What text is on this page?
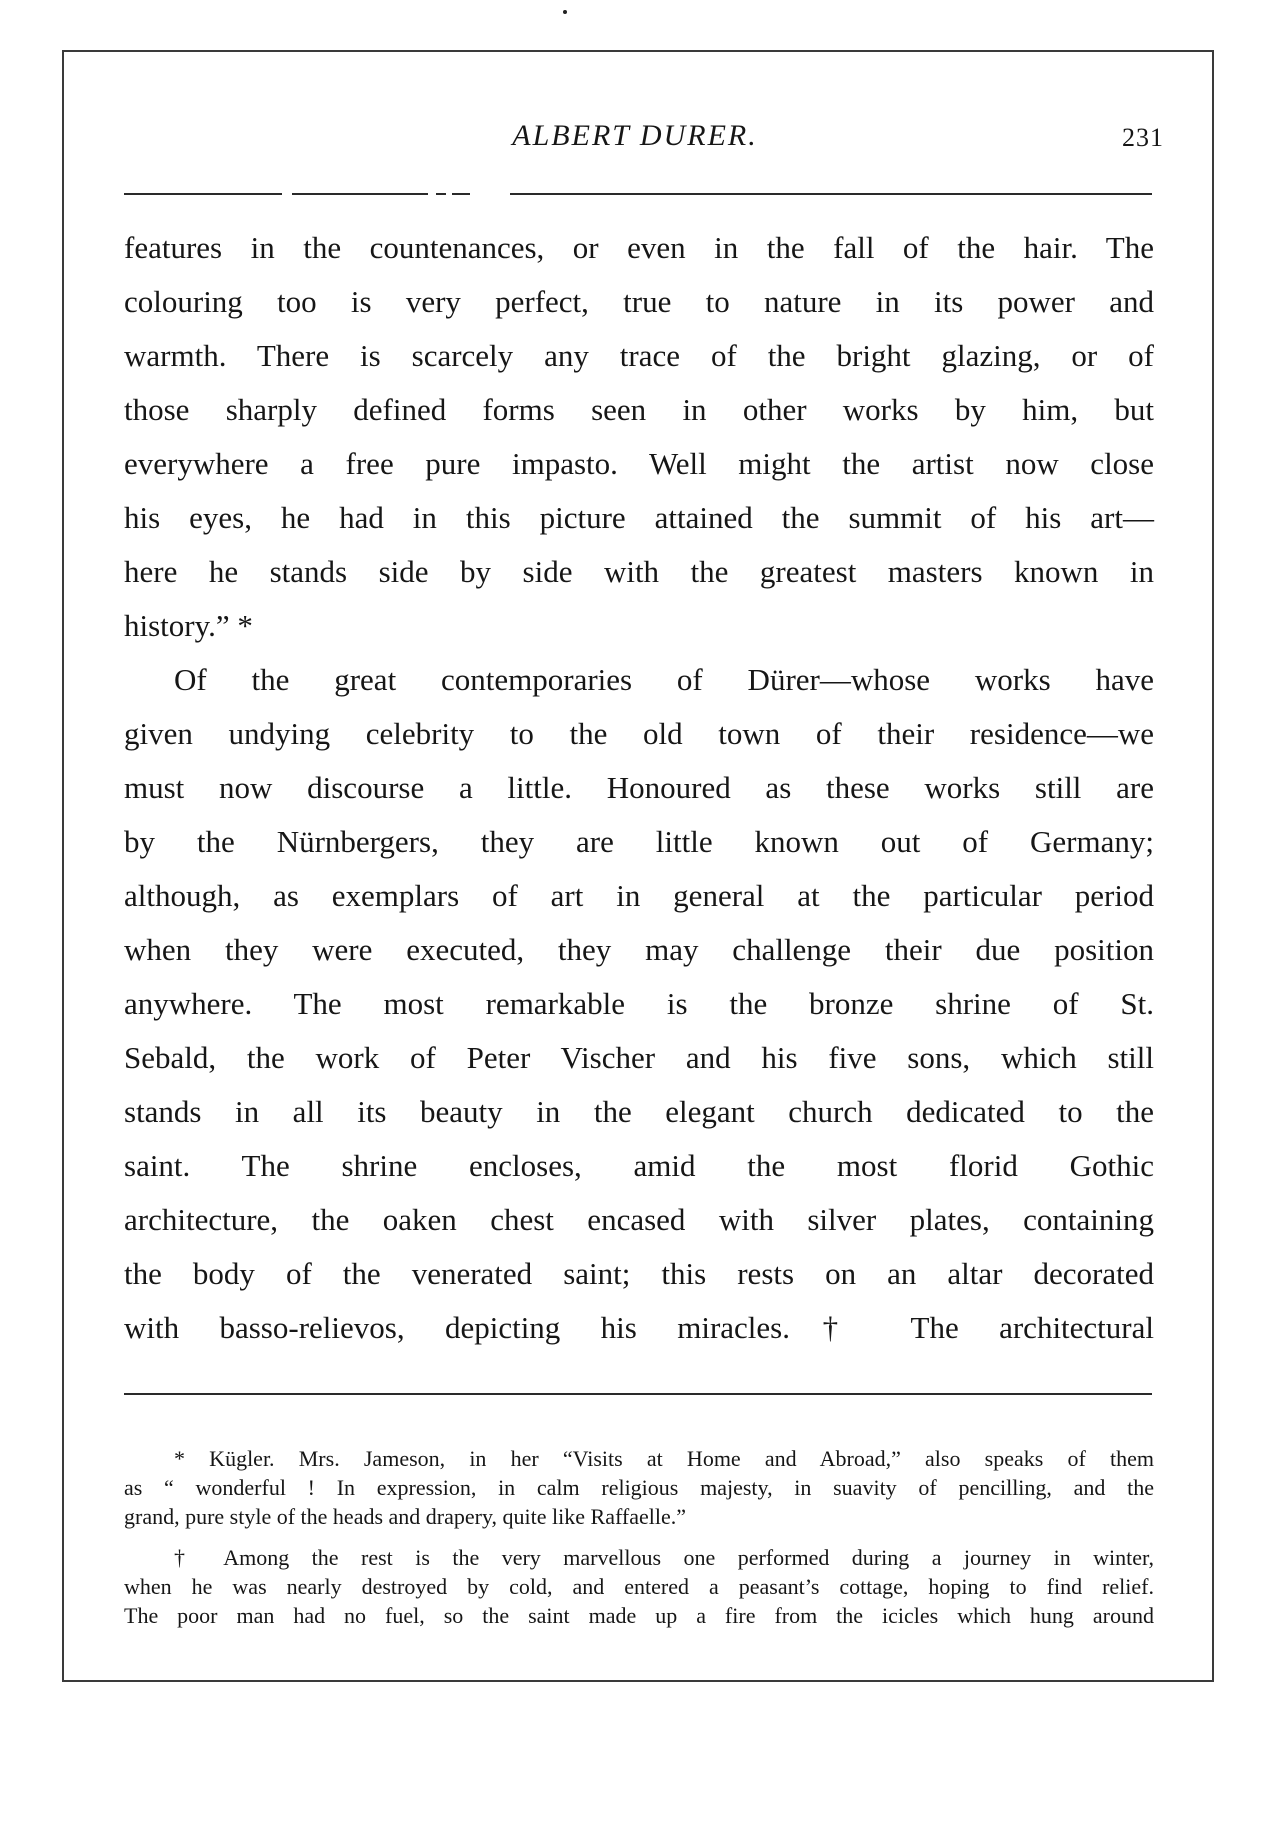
ALBERT DURER.	231
features in the countenances, or even in the fall of the hair. The
colouring too is very perfect, true to nature in its power and
warmth. There is scarcely any trace of the bright glazing, or of
those sharply defined forms seen in other works by him, but
everywhere a free pure impasto. Well might the artist now close
his eyes, he had in this picture attained the summit of his art—
here he stands side by side with the greatest masters known in
history.” *
Of the great contemporaries of Dürer—whose works have
given undying celebrity to the old town of their residence—we
must now discourse a little. Honoured as these works still are
by the Nürnbergers, they are little known out of Germany;
although, as exemplars of art in general at the particular period
when they were executed, they may challenge their due position
anywhere. The most remarkable is the bronze shrine of St.
Sebald, the work of Peter Vischer and his five sons, which still
stands in all its beauty in the elegant church dedicated to the
saint. The shrine encloses, amid the most florid Gothic
architecture, the oaken chest encased with silver plates, containing
the body of the venerated saint; this rests on an altar decorated
with basso-relievos, depicting his miracles.† The architectural
* Kügler. Mrs. Jameson, in her “Visits at Home and Abroad,” also speaks of them
as “ wonderful ! In expression, in calm religious majesty, in suavity of pencilling, and the
grand, pure style of the heads and drapery, quite like Raffaelle.”
† Among the rest is the very marvellous one performed during a journey in winter,
when he was nearly destroyed by cold, and entered a peasant’s cottage, hoping to find relief.
The poor man had no fuel, so the saint made up a fire from the icicles which hung around
